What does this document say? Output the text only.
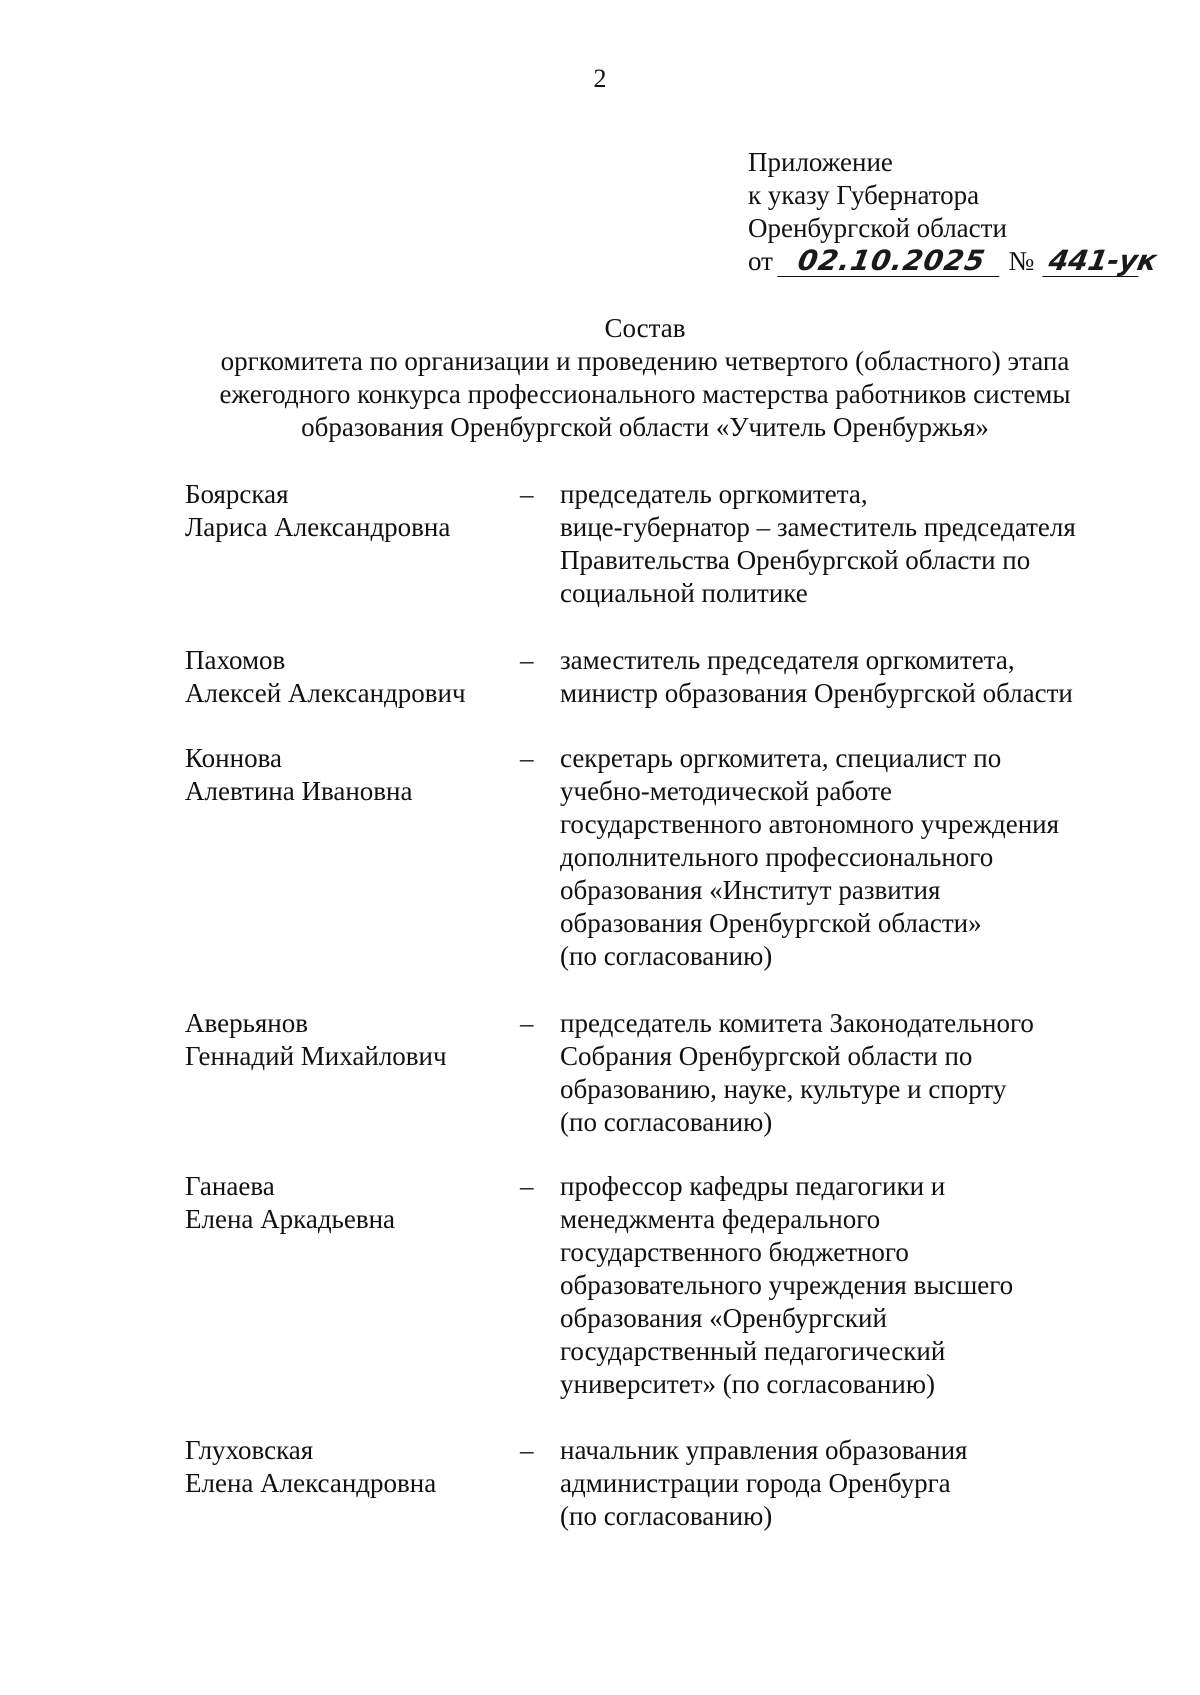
2
Приложение
к указу Губернатора
Оренбургской области
от 02.10.2025 № 441-ук
Состав
оргкомитета по организации и проведению четвертого (областного) этапа
ежегодного конкурса профессионального мастерства работников системы
образования Оренбургской области «Учитель Оренбуржья»
Боярская
Лариса Александровна
– председатель оргкомитета,
вице-губернатор – заместитель председателя
Правительства Оренбургской области по
социальной политике
Пахомов
Алексей Александрович
– заместитель председателя оргкомитета,
министр образования Оренбургской области
Коннова
Алевтина Ивановна
– секретарь оргкомитета, специалист по
учебно-методической работе
государственного автономного учреждения
дополнительного профессионального
образования «Институт развития
образования Оренбургской области»
(по согласованию)
Аверьянов
Геннадий Михайлович
– председатель комитета Законодательного
Собрания Оренбургской области по
образованию, науке, культуре и спорту
(по согласованию)
Ганаева
Елена Аркадьевна
– профессор кафедры педагогики и
менеджмента федерального
государственного бюджетного
образовательного учреждения высшего
образования «Оренбургский
государственный педагогический
университет» (по согласованию)
Глуховская
Елена Александровна
– начальник управления образования
администрации города Оренбурга
(по согласованию)
